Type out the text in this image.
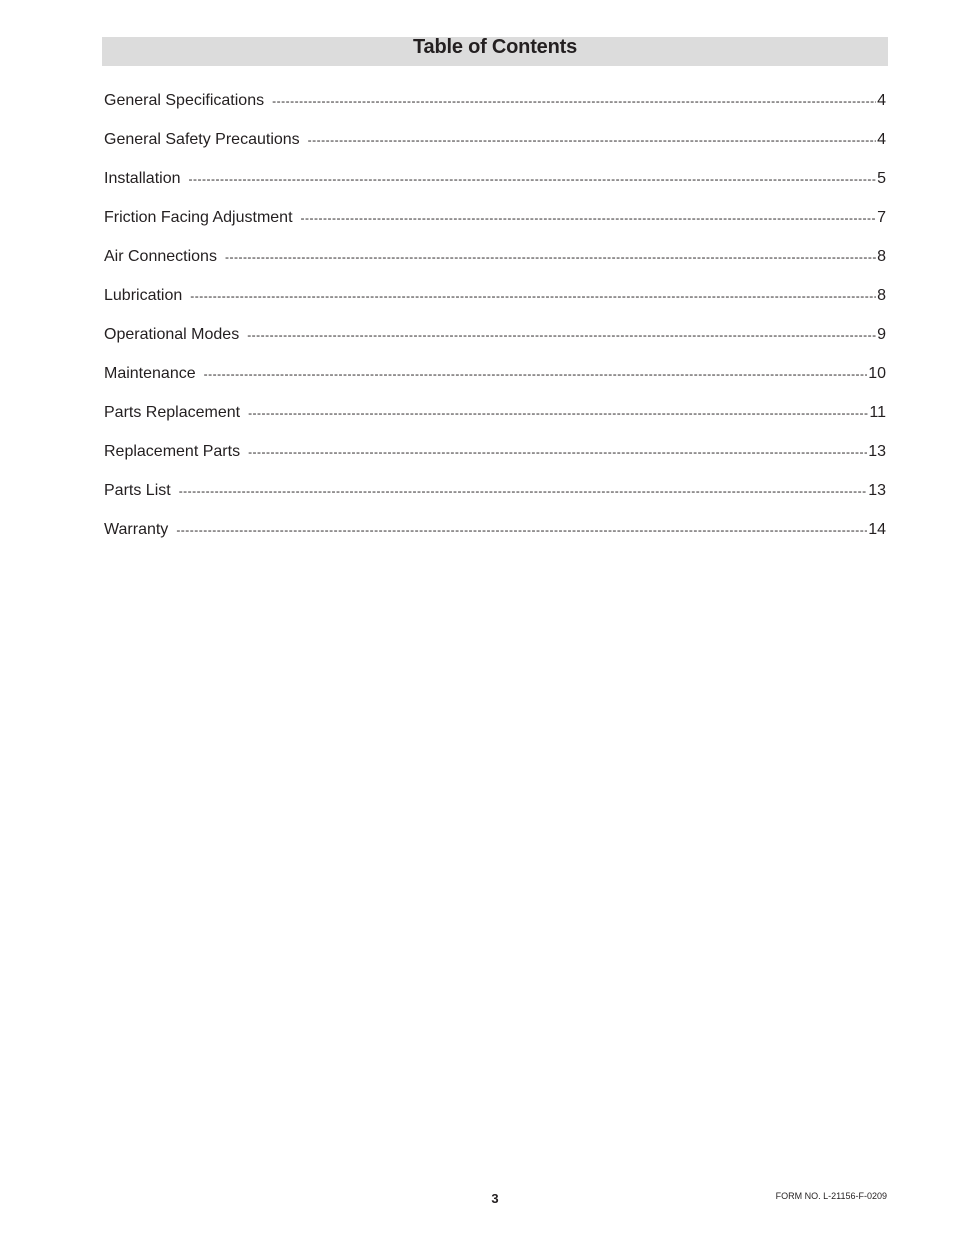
Table of Contents
General Specifications -----	4
General Safety Precautions -----	4
Installation -----	5
Friction Facing Adjustment -----	7
Air Connections -----	8
Lubrication -----	8
Operational Modes -----	9
Maintenance -----	10
Parts Replacement -----	11
Replacement Parts -----	13
Parts List -----	13
Warranty -----	14
3	FORM NO. L-21156-F-0209
